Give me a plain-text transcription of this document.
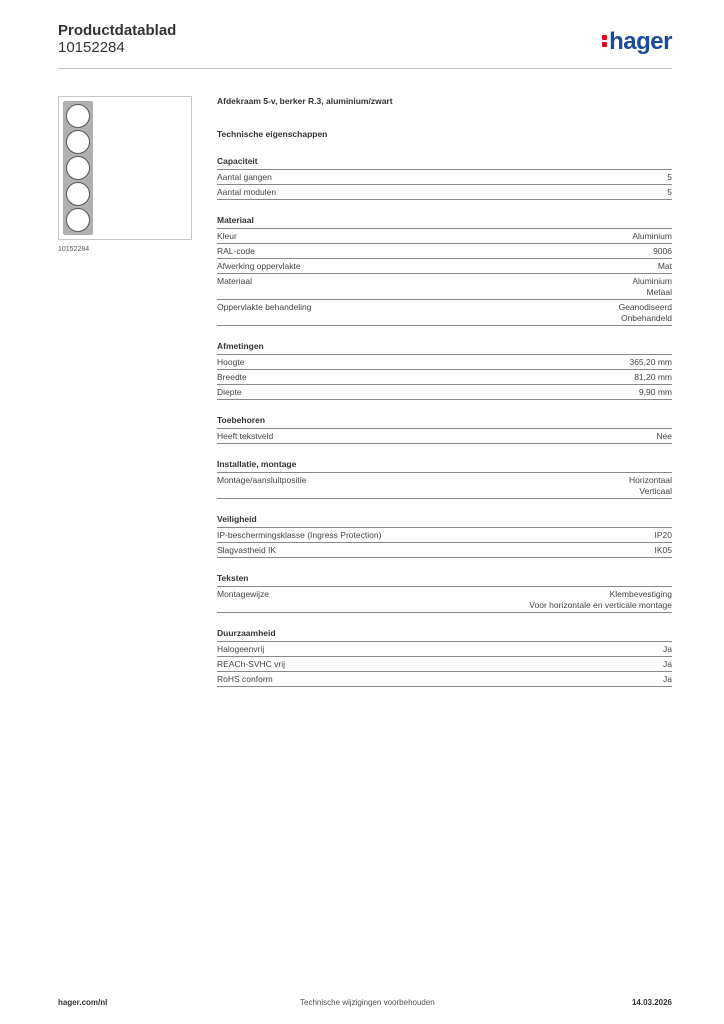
Productdatablad
10152284	hager
10152284
Afdekraam 5-v, berker R.3, aluminium/zwart
Technische eigenschappen
Capaciteit
Aantal gangen	5
Aantal modulen	5
Materiaal
Kleur	Aluminium
RAL-code	9006
Afwerking oppervlakte	Mat
Materiaal	Aluminium
Metaal
Oppervlakte behandeling	Geanodiseerd
Onbehandeld
Afmetingen
Hoogte	365,20 mm
Breedte	81,20 mm
Diepte	9,90 mm
Toebehoren
Heeft tekstveld	Nee
Installatie, montage
Montage/aansluitpositie	Horizontaal
Verticaal
Veiligheid
IP-beschermingsklasse (Ingress Protection)	IP20
Slagvastheid IK	IK05
Teksten
Montagewijze	Klembevestiging
Voor horizontale en verticale montage
Duurzaamheid
Halogeenvrij	Ja
REACh-SVHC vrij	Ja
RoHS conform	Ja
hager.com/nl	Technische wijzigingen voorbehouden	14.03.2026
